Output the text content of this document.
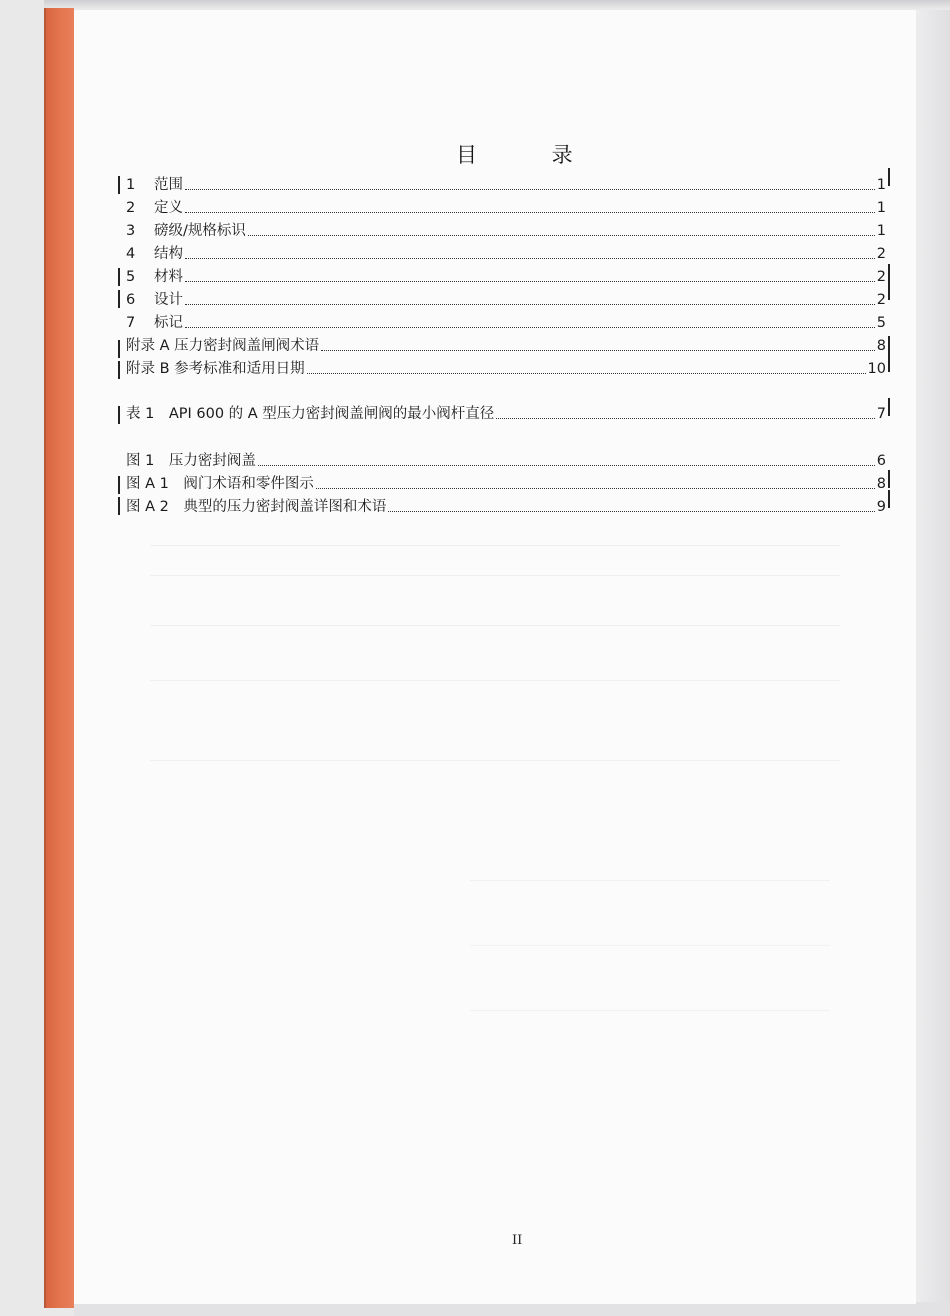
目 录
1	范围	1
2	定义	1
3	磅级/规格标识	1
4	结构	2
5	材料	2
6	设计	2
7	标记	5
附录 A 压力密封阀盖闸阀术语	8
附录 B 参考标准和适用日期	10
表 1　API 600 的 A 型压力密封阀盖闸阀的最小阀杆直径	7
图 1　压力密封阀盖	6
图 A 1　阀门术语和零件图示	8
图 A 2　典型的压力密封阀盖详图和术语	9
II
